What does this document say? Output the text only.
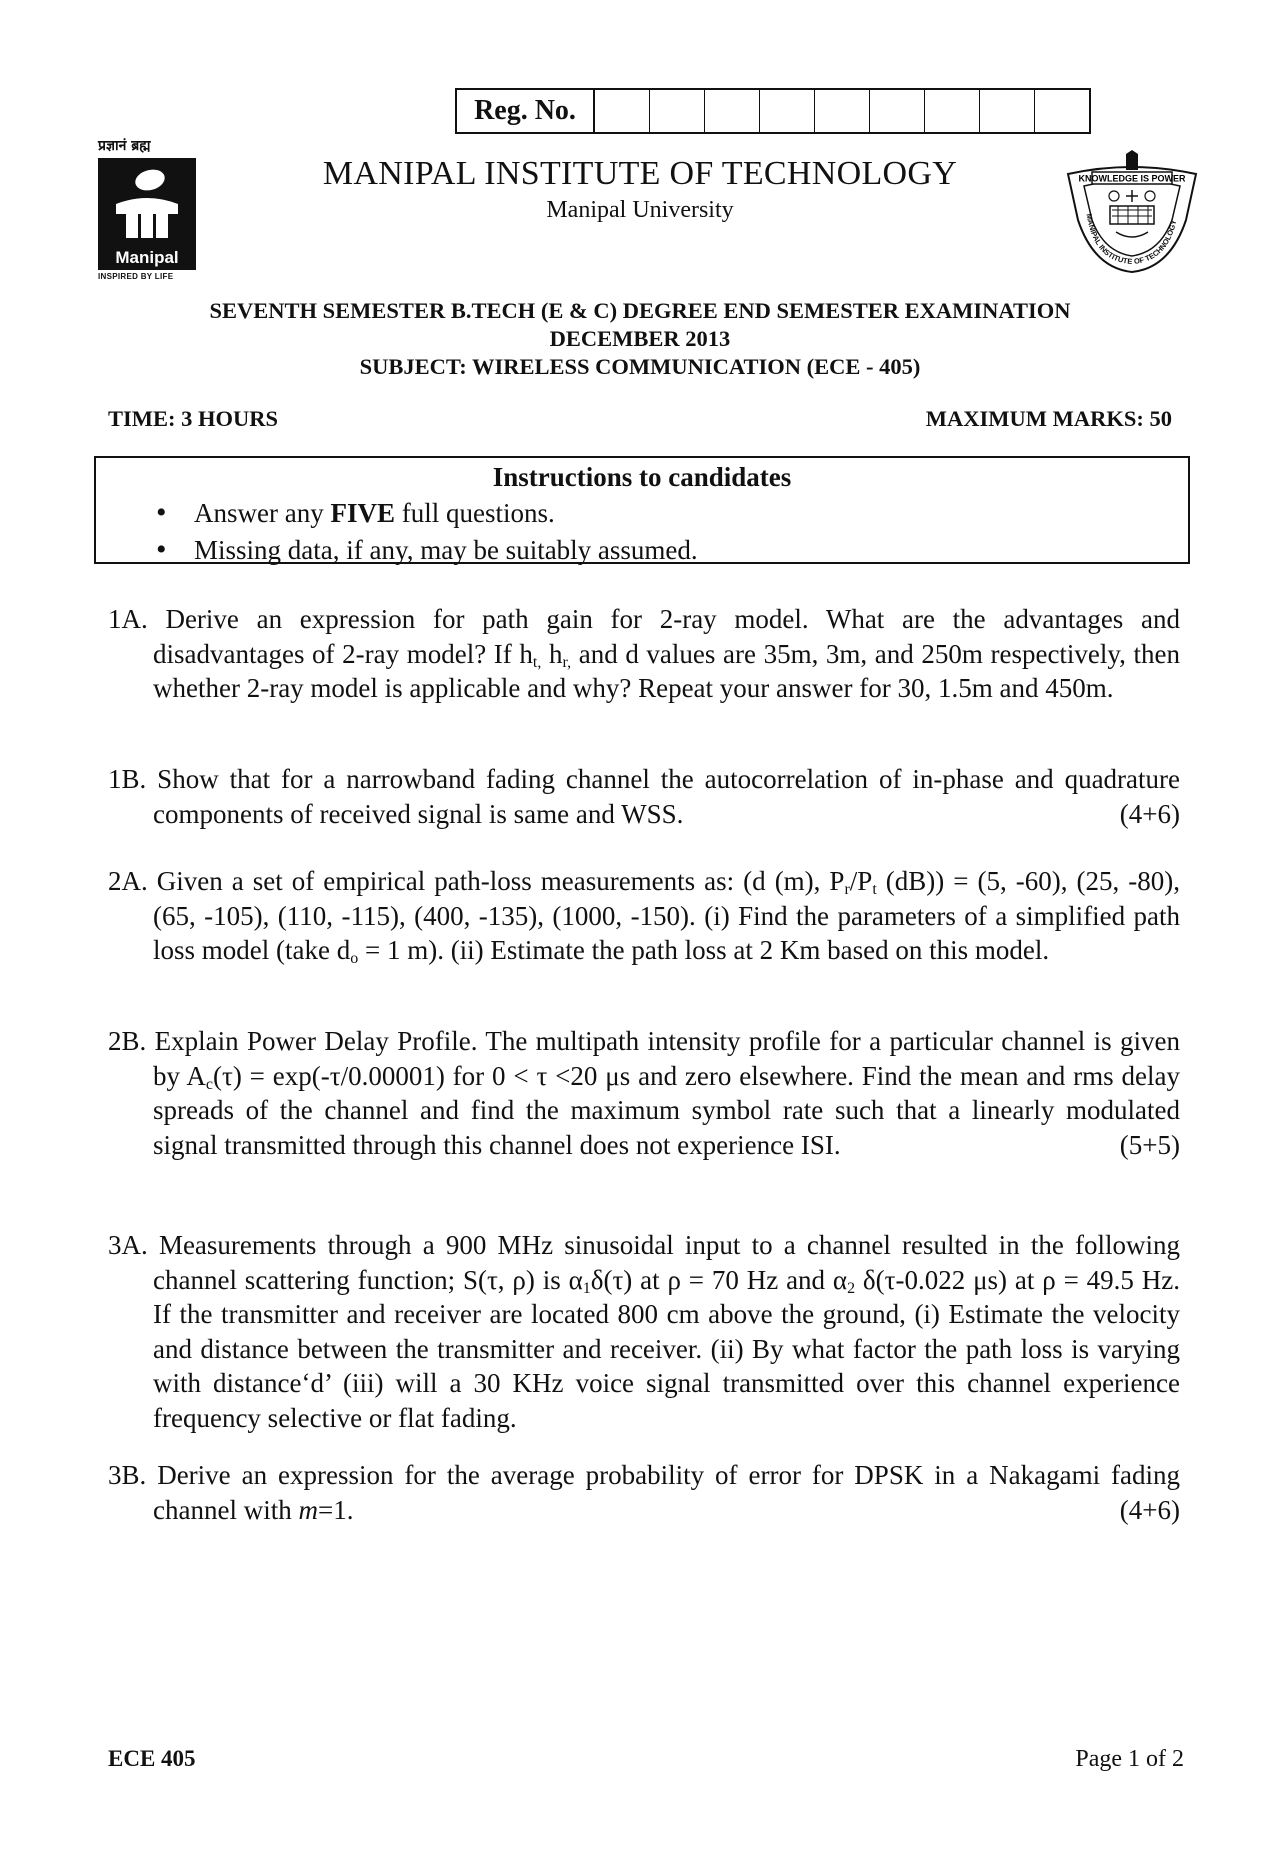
Reg. No.
प्रज्ञानं ब्रह्म
Manipal
INSPIRED BY LIFE
MANIPAL INSTITUTE OF TECHNOLOGY
Manipal University
KNOWLEDGE IS POWER
MANIPAL INSTITUTE OF TECHNOLOGY
SEVENTH SEMESTER B.TECH (E & C) DEGREE END SEMESTER EXAMINATION
DECEMBER 2013
SUBJECT: WIRELESS COMMUNICATION (ECE - 405)
TIME: 3 HOURS	MAXIMUM MARKS: 50
Instructions to candidates
• Answer any FIVE full questions.
• Missing data, if any, may be suitably assumed.
1A. Derive an expression for path gain for 2-ray model. What are the advantages and disadvantages of 2-ray model? If $h_{t,}$ $h_{r,}$ and d values are 35m, 3m, and 250m respectively, then whether 2-ray model is applicable and why? Repeat your answer for 30, 1.5m and 450m.
1B. Show that for a narrowband fading channel the autocorrelation of in-phase and quadrature components of received signal is same and WSS.	(4+6)
2A. Given a set of empirical path-loss measurements as: (d (m), $P_r/P_t$ (dB)) = (5, -60), (25, -80), (65, -105), (110, -115), (400, -135), (1000, -150). (i) Find the parameters of a simplified path loss model (take $d_o = 1$ m). (ii) Estimate the path loss at 2 Km based on this model.
2B. Explain Power Delay Profile. The multipath intensity profile for a particular channel is given by $A_c(\tau) = \exp(-\tau/0.00001)$ for 0 < τ <20 μs and zero elsewhere. Find the mean and rms delay spreads of the channel and find the maximum symbol rate such that a linearly modulated signal transmitted through this channel does not experience ISI.	(5+5)
3A. Measurements through a 900 MHz sinusoidal input to a channel resulted in the following channel scattering function; S(τ, ρ) is $\alpha_1\delta(\tau)$ at ρ = 70 Hz and $\alpha_2$ δ(τ-0.022 μs) at ρ = 49.5 Hz. If the transmitter and receiver are located 800 cm above the ground, (i) Estimate the velocity and distance between the transmitter and receiver. (ii) By what factor the path loss is varying with distance‘d’ (iii) will a 30 KHz voice signal transmitted over this channel experience frequency selective or flat fading.
3B. Derive an expression for the average probability of error for DPSK in a Nakagami fading channel with m=1.	(4+6)
ECE 405	Page 1 of 2
